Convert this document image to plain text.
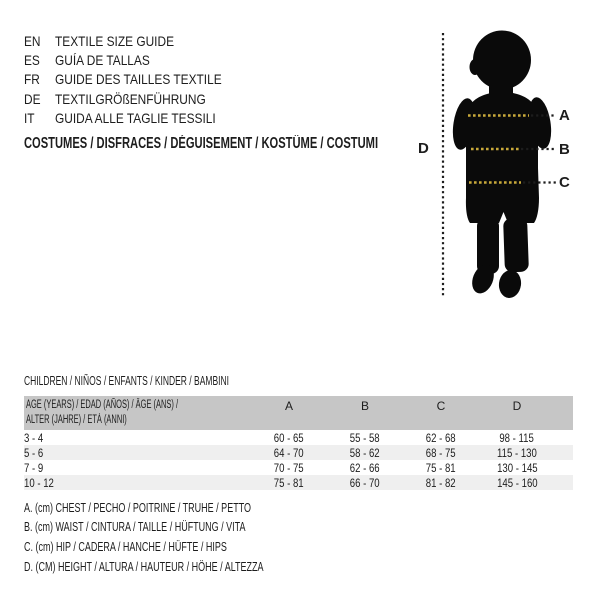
EN	TEXTILE SIZE GUIDE
ES	GUÍA DE TALLAS
FR	GUIDE DES TAILLES TEXTILE
DE	TEXTILGRÖßENFÜHRUNG
IT	GUIDA ALLE TAGLIE TESSILI
COSTUMES / DISFRACES / DÉGUISEMENT / KOSTÜME / COSTUMI
A
B
C
D
CHILDREN / NIÑOS / ENFANTS / KINDER / BAMBINI
AGE (YEARS) / EDAD (AÑOS) / ÂGE (ANS) /
ALTER (JAHRE) / ETÀ (ANNI)
A	B	C	D
3 - 4	60 - 65	55 - 58	62 - 68	98 - 115
5 - 6	64 - 70	58 - 62	68 - 75	115 - 130
7 - 9	70 - 75	62 - 66	75 - 81	130 - 145
10 - 12	75 - 81	66 - 70	81 - 82	145 - 160
A. (cm) CHEST / PECHO / POITRINE / TRUHE / PETTO
B. (cm) WAIST / CINTURA / TAILLE / HÜFTUNG / VITA
C. (cm) HIP / CADERA / HANCHE / HÜFTE / HIPS
D. (CM) HEIGHT / ALTURA / HAUTEUR / HÖHE / ALTEZZA
